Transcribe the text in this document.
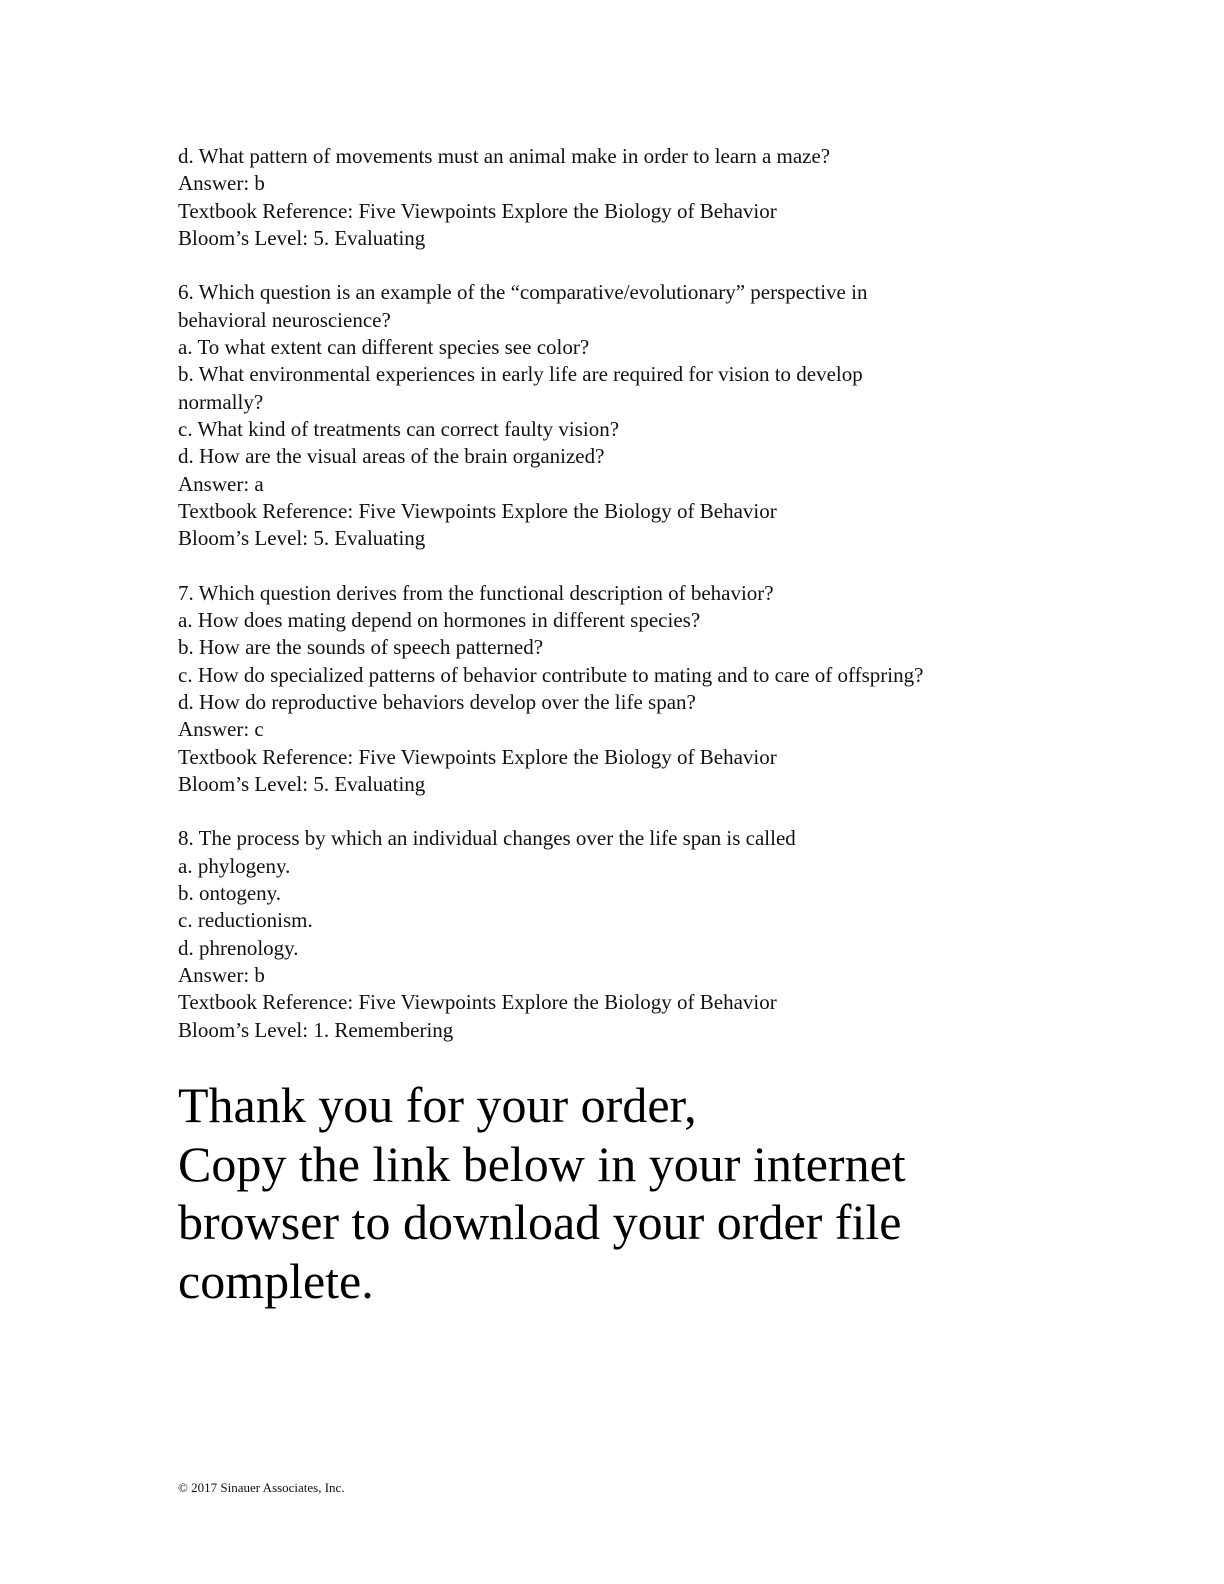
d. What pattern of movements must an animal make in order to learn a maze?
Answer: b
Textbook Reference: Five Viewpoints Explore the Biology of Behavior
Bloom’s Level: 5. Evaluating
6. Which question is an example of the “comparative/evolutionary” perspective in
behavioral neuroscience?
a. To what extent can different species see color?
b. What environmental experiences in early life are required for vision to develop
normally?
c. What kind of treatments can correct faulty vision?
d. How are the visual areas of the brain organized?
Answer: a
Textbook Reference: Five Viewpoints Explore the Biology of Behavior
Bloom’s Level: 5. Evaluating
7. Which question derives from the functional description of behavior?
a. How does mating depend on hormones in different species?
b. How are the sounds of speech patterned?
c. How do specialized patterns of behavior contribute to mating and to care of offspring?
d. How do reproductive behaviors develop over the life span?
Answer: c
Textbook Reference: Five Viewpoints Explore the Biology of Behavior
Bloom’s Level: 5. Evaluating
8. The process by which an individual changes over the life span is called
a. phylogeny.
b. ontogeny.
c. reductionism.
d. phrenology.
Answer: b
Textbook Reference: Five Viewpoints Explore the Biology of Behavior
Bloom’s Level: 1. Remembering
Thank you for your order,
Copy the link below in your internet
browser to download your order file
complete.
© 2017 Sinauer Associates, Inc.
